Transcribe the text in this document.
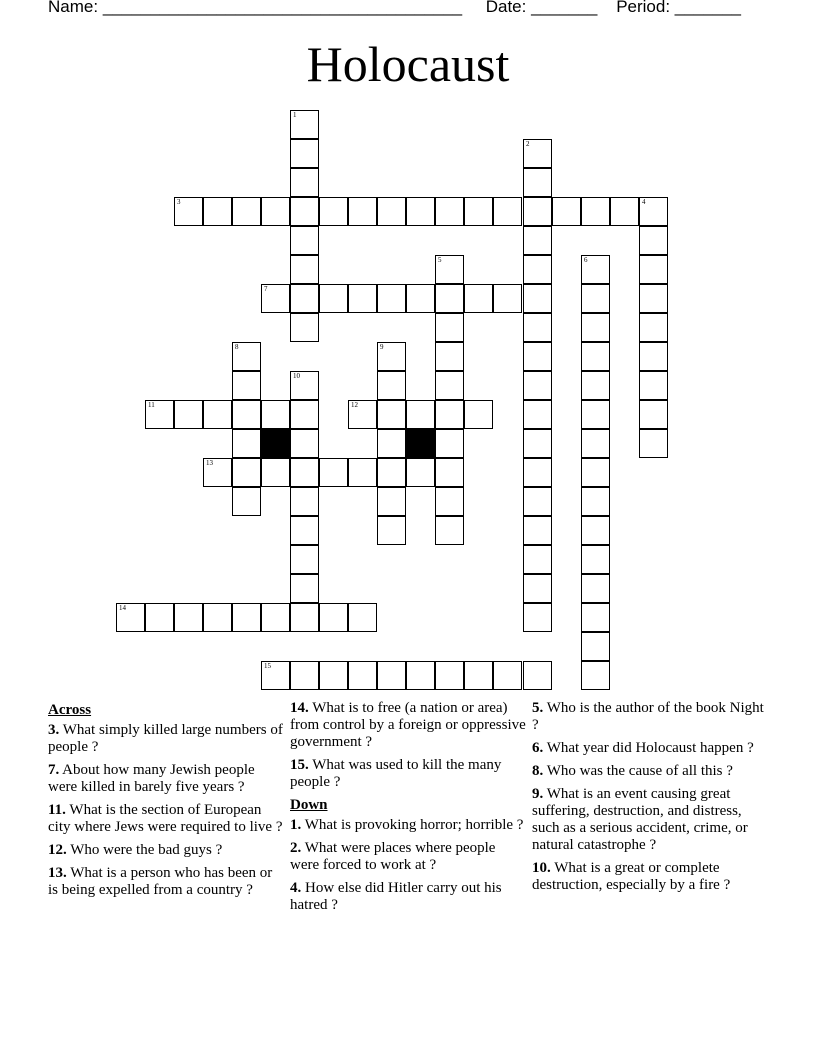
Name: ______________________________________ Date: _______ Period: _______
Holocaust
1
2
3	4
5	6
7
8	9
10
11	12
13
14
15
Across
3. What simply killed large numbers of people ?
7. About how many Jewish people were killed in barely five years ?
11. What is the section of European city where Jews were required to live ?
12. Who were the bad guys ?
13. What is a person who has been or is being expelled from a country ?
14. What is to free (a nation or area) from control by a foreign or oppressive government ?
15. What was used to kill the many people ?
Down
1. What is provoking horror; horrible ?
2. What were places where people were forced to work at ?
4. How else did Hitler carry out his hatred ?
5. Who is the author of the book Night ?
6. What year did Holocaust happen ?
8. Who was the cause of all this ?
9. What is an event causing great suffering, destruction, and distress, such as a serious accident, crime, or natural catastrophe ?
10. What is a great or complete destruction, especially by a fire ?
